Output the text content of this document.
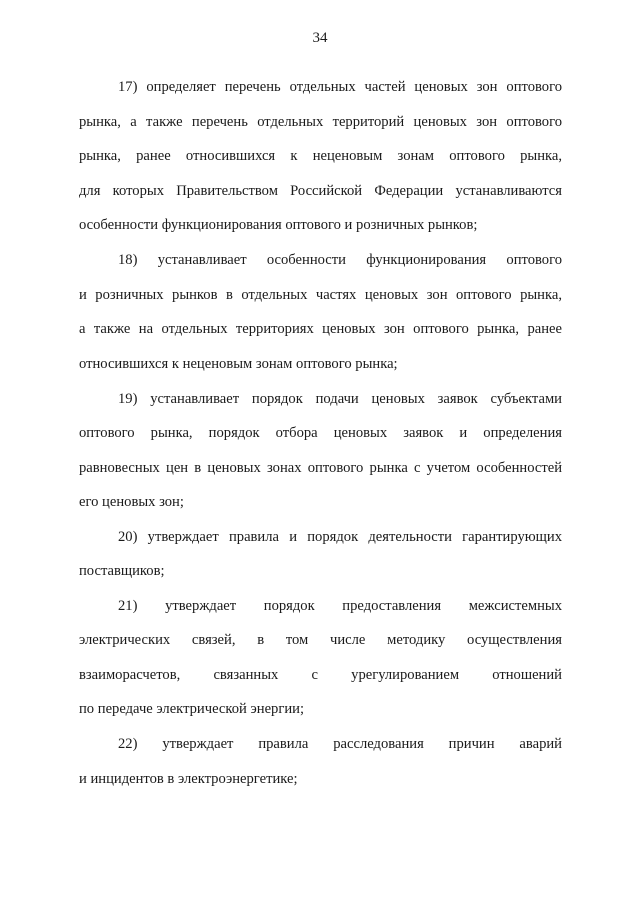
34
17) определяет перечень отдельных частей ценовых зон оптового
рынка, а также перечень отдельных территорий ценовых зон оптового
рынка, ранее относившихся к неценовым зонам оптового рынка,
для которых Правительством Российской Федерации устанавливаются
особенности функционирования оптового и розничных рынков;
18) устанавливает особенности функционирования оптового
и розничных рынков в отдельных частях ценовых зон оптового рынка,
а также на отдельных территориях ценовых зон оптового рынка, ранее
относившихся к неценовым зонам оптового рынка;
19) устанавливает порядок подачи ценовых заявок субъектами
оптового рынка, порядок отбора ценовых заявок и определения
равновесных цен в ценовых зонах оптового рынка с учетом особенностей
его ценовых зон;
20) утверждает правила и порядок деятельности гарантирующих
поставщиков;
21) утверждает порядок предоставления межсистемных
электрических связей, в том числе методику осуществления
взаиморасчетов, связанных с урегулированием отношений
по передаче электрической энергии;
22) утверждает правила расследования причин аварий
и инцидентов в электроэнергетике;
